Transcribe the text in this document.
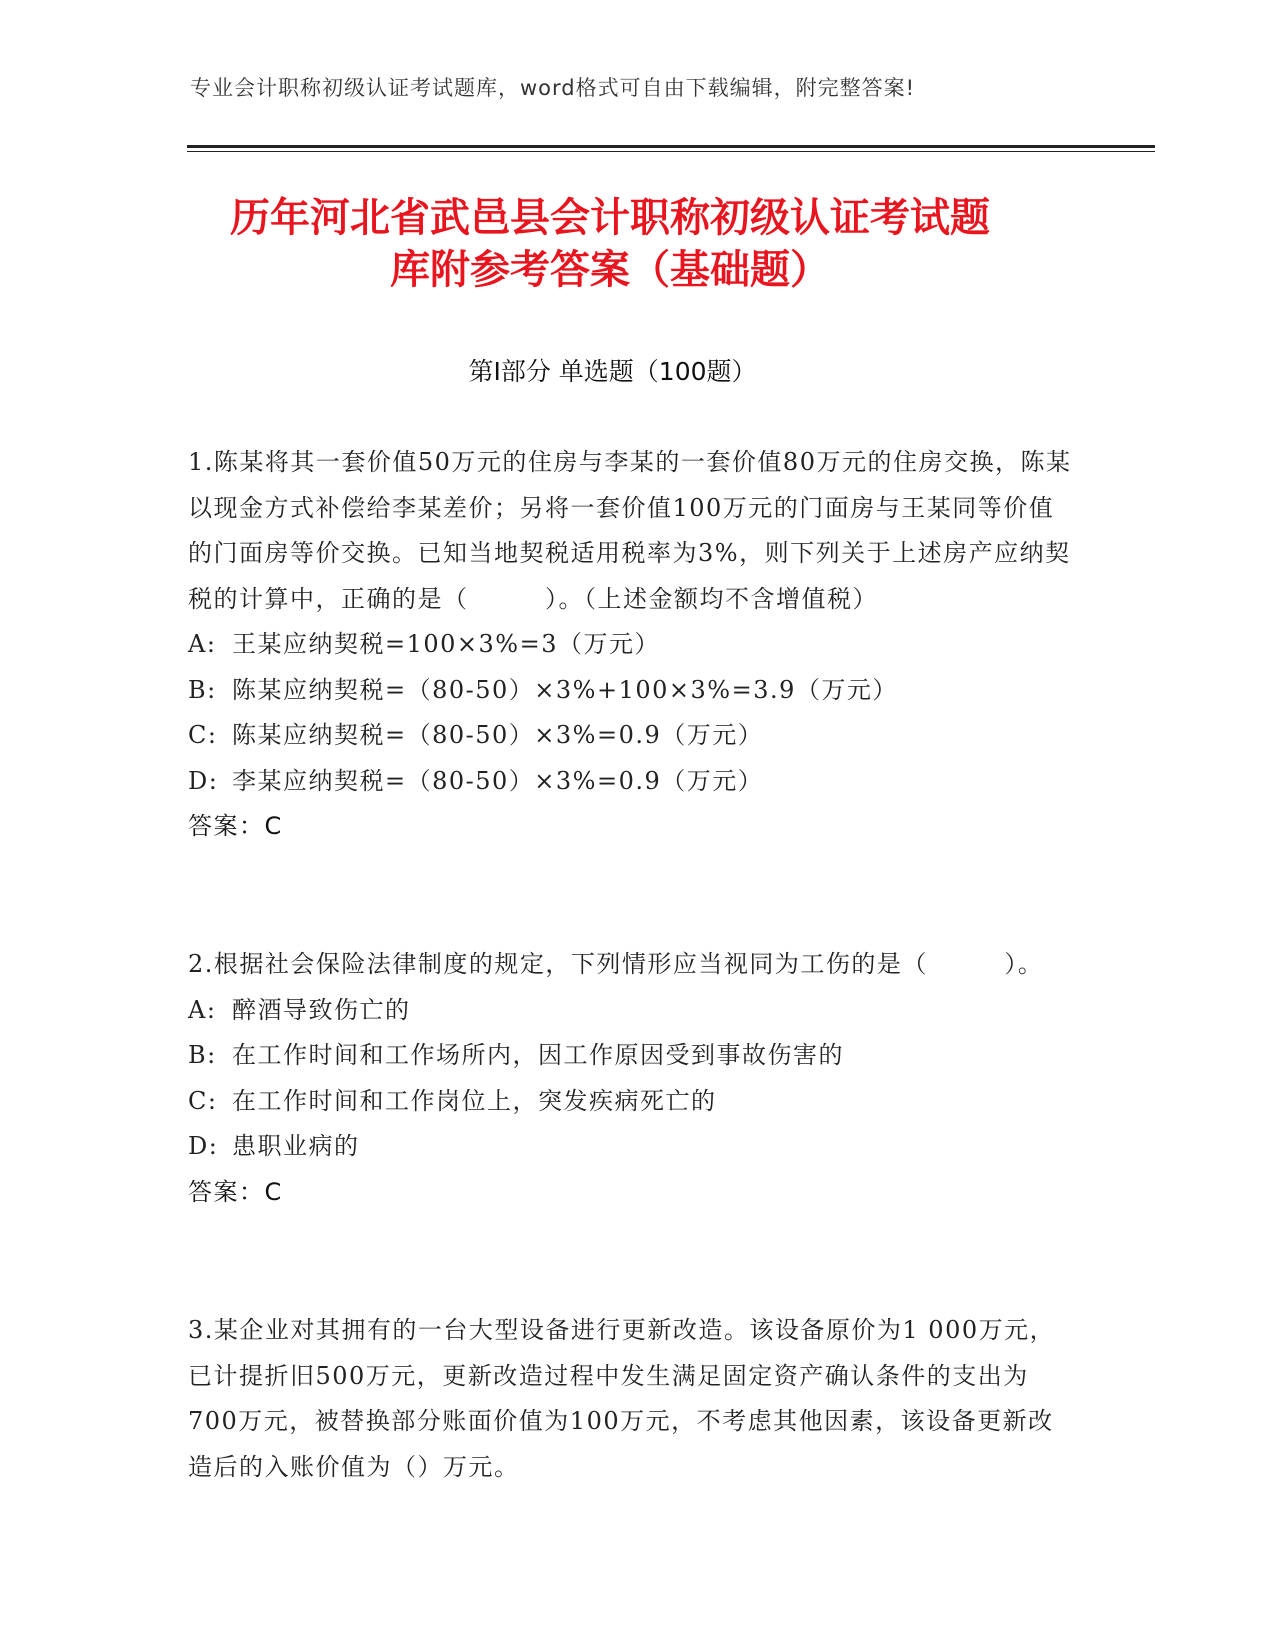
专业会计职称初级认证考试题库，word格式可自由下载编辑，附完整答案!
历年河北省武邑县会计职称初级认证考试题
库附参考答案（基础题）
第Ⅰ部分 单选题（100题）
1.陈某将其一套价值50万元的住房与李某的一套价值80万元的住房交换，陈某以现金方式补偿给李某差价；另将一套价值100万元的门面房与王某同等价值的门面房等价交换。已知当地契税适用税率为3%，则下列关于上述房产应纳契税的计算中，正确的是（　　　）。（上述金额均不含增值税）
A: 王某应纳契税=100×3%=3（万元）
B: 陈某应纳契税=（80-50）×3%+100×3%=3.9（万元）
C: 陈某应纳契税=（80-50）×3%=0.9（万元）
D: 李某应纳契税=（80-50）×3%=0.9（万元）
答案：C
2.根据社会保险法律制度的规定，下列情形应当视同为工伤的是（　　　）。
A: 醉酒导致伤亡的
B: 在工作时间和工作场所内，因工作原因受到事故伤害的
C: 在工作时间和工作岗位上，突发疾病死亡的
D: 患职业病的
答案：C
3.某企业对其拥有的一台大型设备进行更新改造。该设备原价为1 000万元，已计提折旧500万元，更新改造过程中发生满足固定资产确认条件的支出为700万元，被替换部分账面价值为100万元，不考虑其他因素，该设备更新改造后的入账价值为（）万元。
